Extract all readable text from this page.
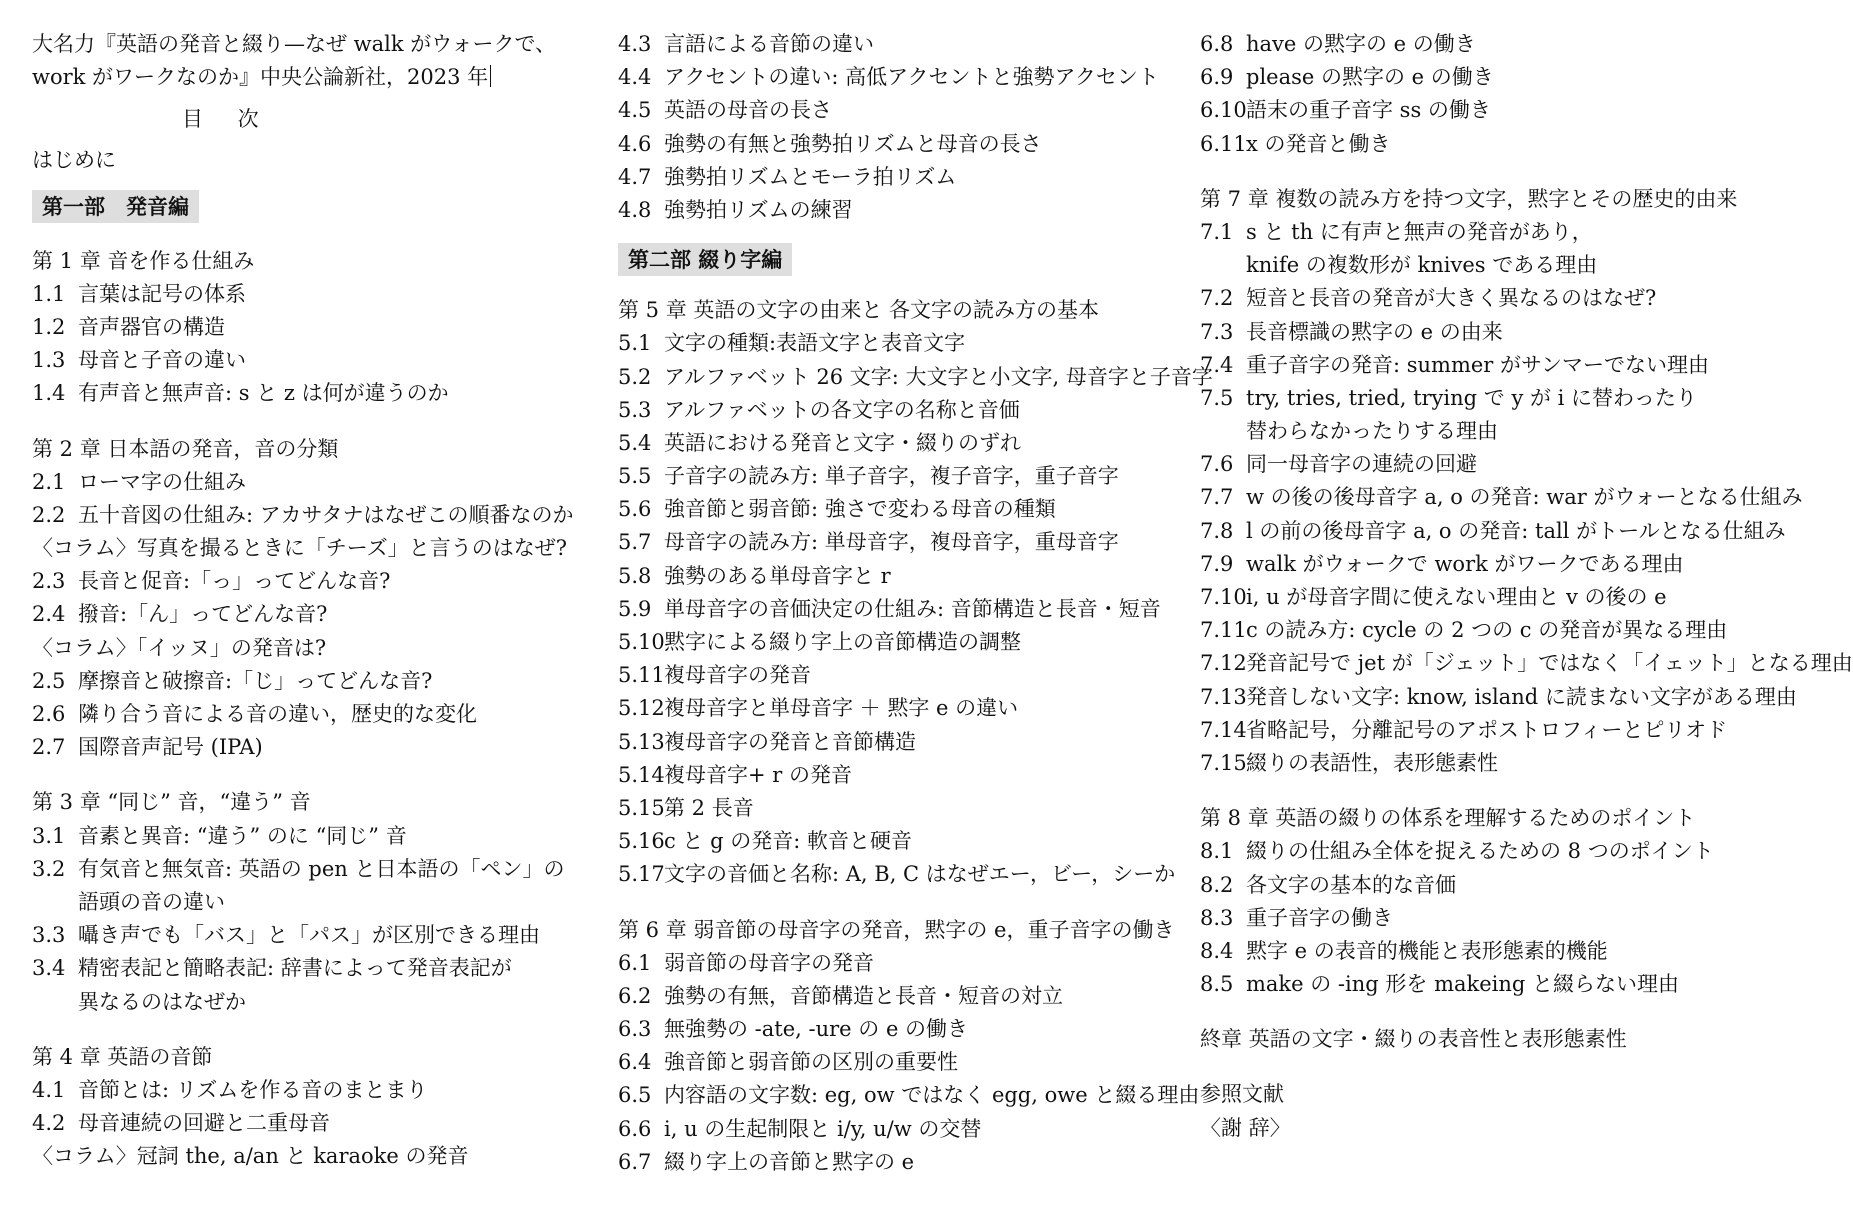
大名力『英語の発音と綴り—なぜ walk がウォークで、
work がワークなのか』中央公論新社，2023 年
目 次
はじめに
第一部　発音編
第 1 章 音を作る仕組み
1.1 言葉は記号の体系
1.2 音声器官の構造
1.3 母音と子音の違い
1.4 有声音と無声音: s と z は何が違うのか
第 2 章 日本語の発音，音の分類
2.1 ローマ字の仕組み
2.2 五十音図の仕組み: アカサタナはなぜこの順番なのか
〈コラム〉写真を撮るときに「チーズ」と言うのはなぜ?
2.3 長音と促音:「っ」ってどんな音?
2.4 撥音:「ん」ってどんな音?
〈コラム〉「イッヌ」の発音は?
2.5 摩擦音と破擦音:「じ」ってどんな音?
2.6 隣り合う音による音の違い，歴史的な変化
2.7 国際音声記号 (IPA)
第 3 章 “同じ” 音，“違う” 音
3.1 音素と異音: “違う” のに “同じ” 音
3.2 有気音と無気音: 英語の pen と日本語の「ペン」の
語頭の音の違い
3.3 囁き声でも「バス」と「パス」が区別できる理由
3.4 精密表記と簡略表記: 辞書によって発音表記が
異なるのはなぜか
第 4 章 英語の音節
4.1 音節とは: リズムを作る音のまとまり
4.2 母音連続の回避と二重母音
〈コラム〉冠詞 the, a/an と karaoke の発音
4.3 言語による音節の違い
4.4 アクセントの違い: 高低アクセントと強勢アクセント
4.5 英語の母音の長さ
4.6 強勢の有無と強勢拍リズムと母音の長さ
4.7 強勢拍リズムとモーラ拍リズム
4.8 強勢拍リズムの練習
第二部 綴り字編
第 5 章 英語の文字の由来と 各文字の読み方の基本
5.1 文字の種類:表語文字と表音文字
5.2 アルファベット 26 文字: 大文字と小文字, 母音字と子音字
5.3 アルファベットの各文字の名称と音価
5.4 英語における発音と文字・綴りのずれ
5.5 子音字の読み方: 単子音字，複子音字，重子音字
5.6 強音節と弱音節: 強さで変わる母音の種類
5.7 母音字の読み方: 単母音字，複母音字，重母音字
5.8 強勢のある単母音字と r
5.9 単母音字の音価決定の仕組み: 音節構造と長音・短音
5.10 黙字による綴り字上の音節構造の調整
5.11 複母音字の発音
5.12 複母音字と単母音字 ＋ 黙字 e の違い
5.13 複母音字の発音と音節構造
5.14 複母音字+ r の発音
5.15 第 2 長音
5.16 c と g の発音: 軟音と硬音
5.17 文字の音価と名称: A, B, C はなぜエー，ビー，シーか
第 6 章 弱音節の母音字の発音，黙字の e，重子音字の働き
6.1 弱音節の母音字の発音
6.2 強勢の有無，音節構造と長音・短音の対立
6.3 無強勢の -ate, -ure の e の働き
6.4 強音節と弱音節の区別の重要性
6.5 内容語の文字数: eg, ow ではなく egg, owe と綴る理由
6.6 i, u の生起制限と i/y, u/w の交替
6.7 綴り字上の音節と黙字の e
6.8 have の黙字の e の働き
6.9 please の黙字の e の働き
6.10 語末の重子音字 ss の働き
6.11 x の発音と働き
第 7 章 複数の読み方を持つ文字，黙字とその歴史的由来
7.1 s と th に有声と無声の発音があり，
knife の複数形が knives である理由
7.2 短音と長音の発音が大きく異なるのはなぜ?
7.3 長音標識の黙字の e の由来
7.4 重子音字の発音: summer がサンマーでない理由
7.5 try, tries, tried, trying で y が i に替わったり
替わらなかったりする理由
7.6 同一母音字の連続の回避
7.7 w の後の後母音字 a, o の発音: war がウォーとなる仕組み
7.8 l の前の後母音字 a, o の発音: tall がトールとなる仕組み
7.9 walk がウォークで work がワークである理由
7.10 i, u が母音字間に使えない理由と v の後の e
7.11 c の読み方: cycle の 2 つの c の発音が異なる理由
7.12 発音記号で jet が「ジェット」ではなく「イェット」となる理由
7.13 発音しない文字: know, island に読まない文字がある理由
7.14 省略記号，分離記号のアポストロフィーとピリオド
7.15 綴りの表語性，表形態素性
第 8 章 英語の綴りの体系を理解するためのポイント
8.1 綴りの仕組み全体を捉えるための 8 つのポイント
8.2 各文字の基本的な音価
8.3 重子音字の働き
8.4 黙字 e の表音的機能と表形態素的機能
8.5 make の -ing 形を makeing と綴らない理由
終章 英語の文字・綴りの表音性と表形態素性
参照文献
〈謝 辞〉
